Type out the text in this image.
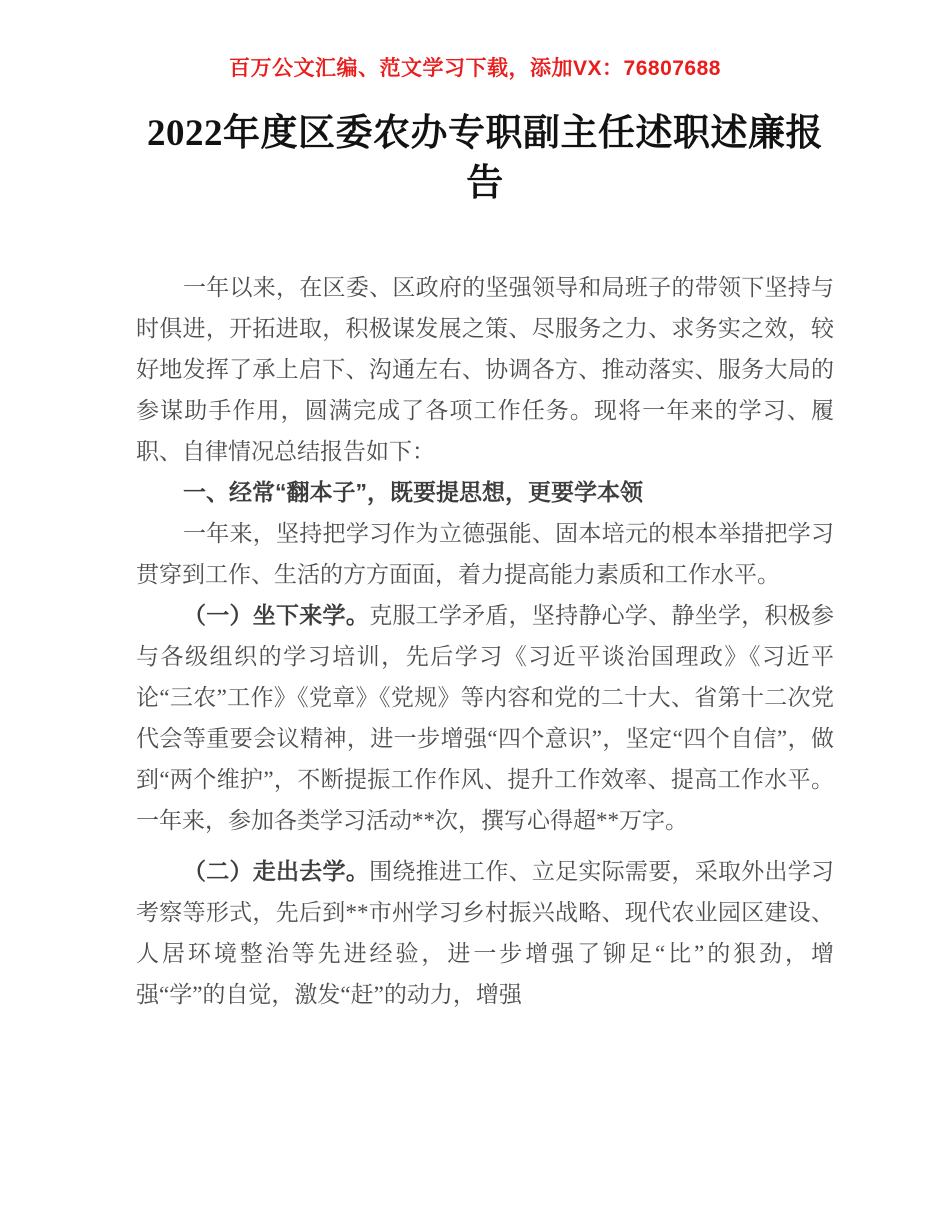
百万公文汇编、范文学习下载，添加VX：76807688
2022年度区委农办专职副主任述职述廉报告

一年以来，在区委、区政府的坚强领导和局班子的带领下坚持与时俱进，开拓进取，积极谋发展之策、尽服务之力、求务实之效，较好地发挥了承上启下、沟通左右、协调各方、推动落实、服务大局的参谋助手作用，圆满完成了各项工作任务。现将一年来的学习、履职、自律情况总结报告如下：

一、经常“翻本子”，既要提思想，更要学本领

一年来，坚持把学习作为立德强能、固本培元的根本举措把学习贯穿到工作、生活的方方面面，着力提高能力素质和工作水平。

（一）坐下来学。克服工学矛盾，坚持静心学、静坐学，积极参与各级组织的学习培训，先后学习《习近平谈治国理政》《习近平论“三农”工作》《党章》《党规》等内容和党的二十大、省第十二次党代会等重要会议精神，进一步增强“四个意识”，坚定“四个自信”，做到“两个维护”，不断提振工作作风、提升工作效率、提高工作水平。一年来，参加各类学习活动**次，撰写心得超**万字。

（二）走出去学。围绕推进工作、立足实际需要，采取外出学习考察等形式，先后到**市州学习乡村振兴战略、现代农业园区建设、人居环境整治等先进经验，进一步增强了铆足“比”的狠劲，增强“学”的自觉，激发“赶”的动力，增强
